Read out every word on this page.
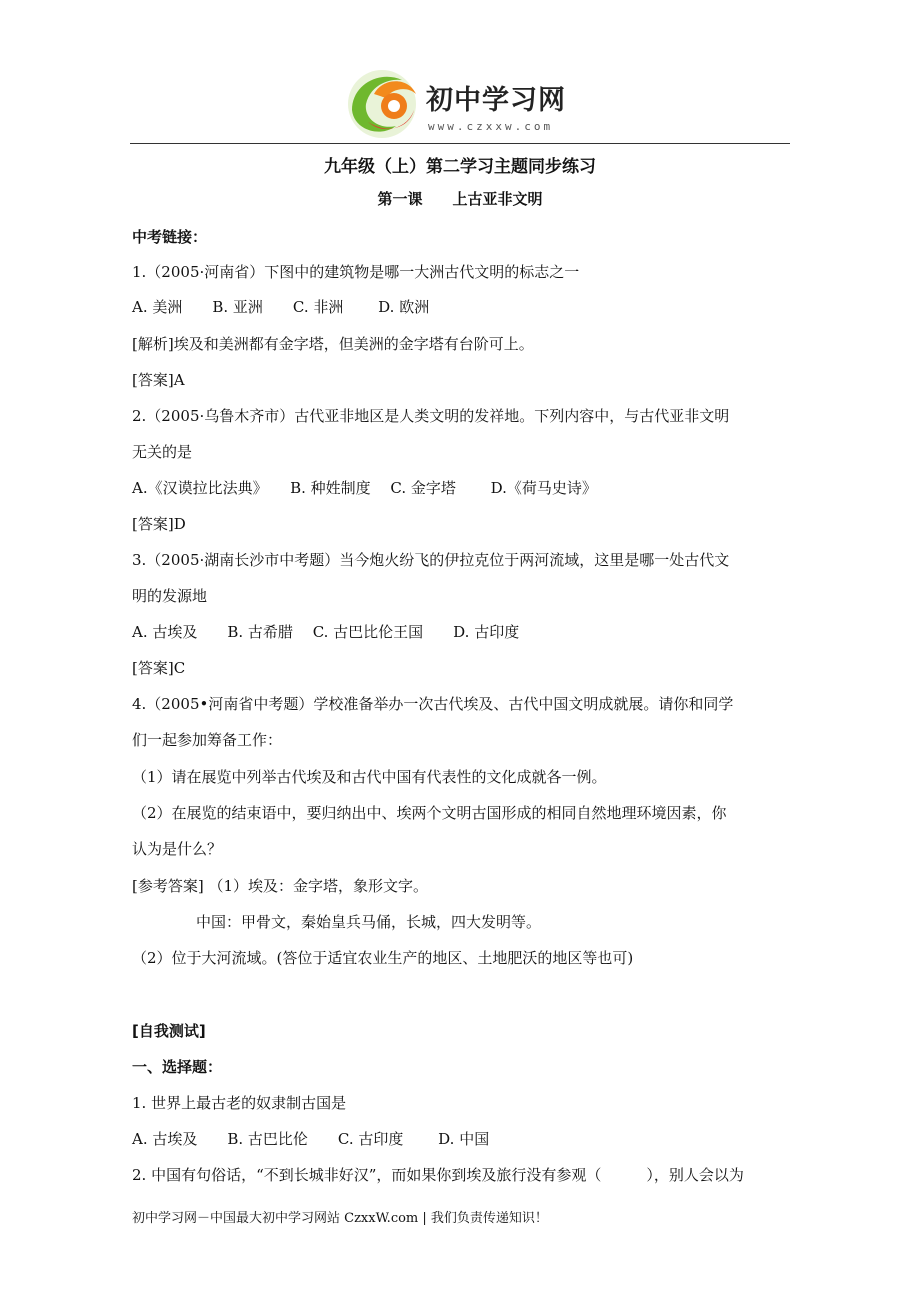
初中学习网
www.czxxw.com
九年级（上）第二学习主题同步练习
第一课　　上古亚非文明
中考链接：
1.（2005·河南省）下图中的建筑物是哪一大洲古代文明的标志之一
A. 美洲　　B. 亚洲　　C. 非洲　　 D. 欧洲
[解析]埃及和美洲都有金字塔，但美洲的金字塔有台阶可上。
[答案]A
2.（2005·乌鲁木齐市）古代亚非地区是人类文明的发祥地。下列内容中，与古代亚非文明
无关的是
A.《汉谟拉比法典》　　B. 种姓制度　 C. 金字塔　　 D.《荷马史诗》
[答案]D
3.（2005·湖南长沙市中考题）当今炮火纷飞的伊拉克位于两河流域，这里是哪一处古代文
明的发源地
A. 古埃及　　B. 古希腊　 C. 古巴比伦王国　　D. 古印度
[答案]C
4.（2005•河南省中考题）学校准备举办一次古代埃及、古代中国文明成就展。请你和同学
们一起参加筹备工作：
（1）请在展览中列举古代埃及和古代中国有代表性的文化成就各一例。
（2）在展览的结束语中，要归纳出中、埃两个文明古国形成的相同自然地理环境因素，你
认为是什么？
[参考答案] （1）埃及：金字塔，象形文字。
中国：甲骨文，秦始皇兵马俑，长城，四大发明等。
（2）位于大河流域。(答位于适宜农业生产的地区、土地肥沃的地区等也可)
[自我测试]
一、选择题：
1. 世界上最古老的奴隶制古国是
A. 古埃及　　B. 古巴比伦　　C. 古印度　　 D. 中国
2. 中国有句俗话，“不到长城非好汉”，而如果你到埃及旅行没有参观（　　　），别人会以为
初中学习网－中国最大初中学习网站 CzxxW.com | 我们负责传递知识！
